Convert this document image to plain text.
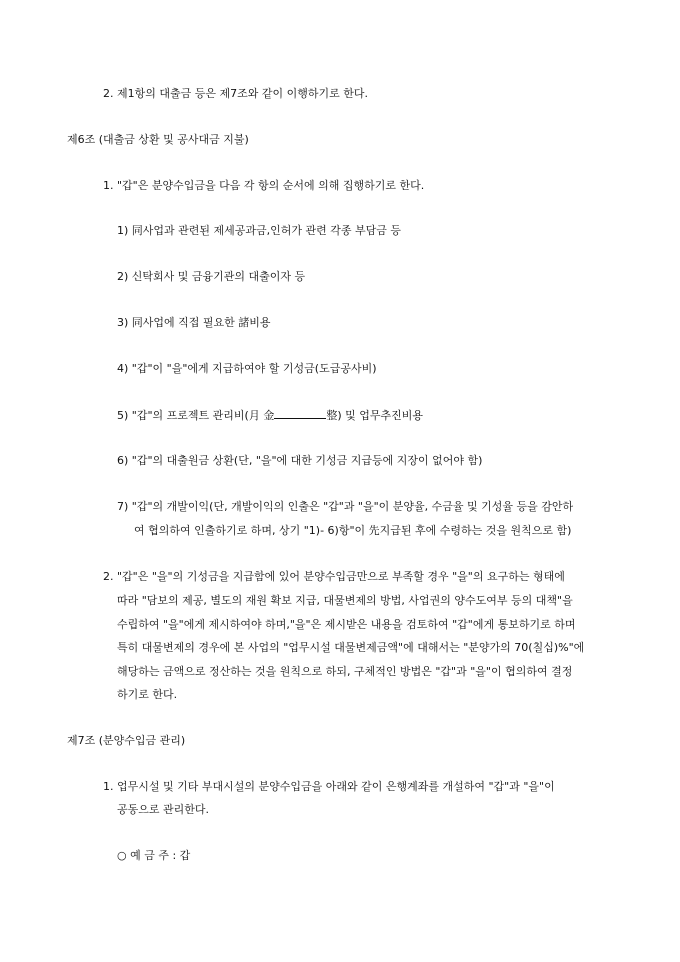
2. 제1항의 대출금 등은 제7조와 같이 이행하기로 한다.
제6조 (대출금 상환 및 공사대금 지불)
1. "갑"은 분양수입금을 다음 각 항의 순서에 의해 집행하기로 한다.
1) 同사업과 관련된 제세공과금,인허가 관련 각종 부담금 등
2) 신탁회사 및 금융기관의 대출이자 등
3) 同사업에 직접 필요한 諸비용
4) "갑"이 "을"에게 지급하여야 할 기성금(도급공사비)
5) "갑"의 프로젝트 관리비(月 金	整) 및 업무추진비용
6) "갑"의 대출원금 상환(단, "을"에 대한 기성금 지급등에 지장이 없어야 함)
7) "갑"의 개발이익(단, 개발이익의 인출은 "갑"과 "을"이 분양율, 수금율 및 기성율 등을 감안하
여 협의하여 인출하기로 하며, 상기 "1)- 6)항"이 先지급된 후에 수령하는 것을 원칙으로 함)
2. "갑"은 "을"의 기성금을 지급함에 있어 분양수입금만으로 부족할 경우 "을"의 요구하는 형태에
따라 "담보의 제공, 별도의 재원 확보 지급, 대물변제의 방법, 사업권의 양수도여부 등의 대책"을
수립하여 "을"에게 제시하여야 하며,"을"은 제시받은 내용을 검토하여 "갑"에게 통보하기로 하며
특히 대물변제의 경우에 본 사업의 "업무시설 대물변제금액"에 대해서는 "분양가의 70(칠십)%"에
해당하는 금액으로 정산하는 것을 원칙으로 하되, 구체적인 방법은 "갑"과 "을"이 협의하여 결정
하기로 한다.
제7조 (분양수입금 관리)
1. 업무시설 및 기타 부대시설의 분양수입금을 아래와 같이 은행계좌를 개설하여 "갑"과 "을"이
공동으로 관리한다.
○ 예 금 주 : 갑
